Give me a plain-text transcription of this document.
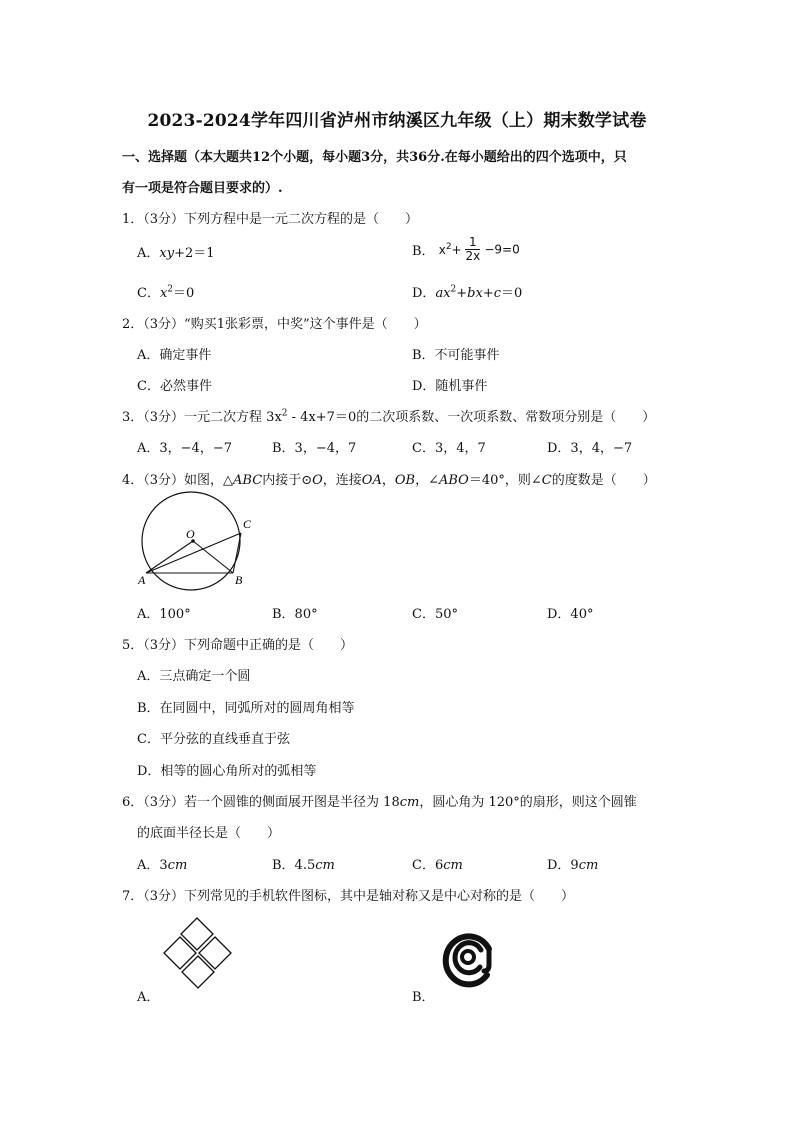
2023-2024学年四川省泸州市纳溪区九年级（上）期末数学试卷
一、选择题（本大题共12个小题，每小题3分，共36分.在每小题给出的四个选项中，只
有一项是符合题目要求的）.
1．（3分）下列方程中是一元二次方程的是（　　）
A．xy+2＝1	B． $x^2+ \frac{1}{2x} -9=0$
C．$x^2=0$	D．$ax^2+bx+c=0$
2．（3分）“购买1张彩票，中奖”这个事件是（　　）
A．确定事件	B．不可能事件
C．必然事件	D．随机事件
3．（3分）一元二次方程 $3x^2 - 4x+7=0$的二次项系数、一次项系数、常数项分别是（　　）
A．3，−4，−7	B．3，−4，7	C．3，4，7	D．3，4，−7
4．（3分）如图，△ABC内接于⊙O，连接OA，OB，∠ABO＝40°，则∠C的度数是（　　）
O
A	B
C
A．100°	B．80°	C．50°	D．40°
5．（3分）下列命题中正确的是（　　）
A．三点确定一个圆
B．在同圆中，同弧所对的圆周角相等
C．平分弦的直线垂直于弦
D．相等的圆心角所对的弧相等
6．（3分）若一个圆锥的侧面展开图是半径为 18cm，圆心角为 120°的扇形，则这个圆锥
的底面半径长是（　　）
A．3cm	B．4.5cm	C．6cm	D．9cm
7．（3分）下列常见的手机软件图标，其中是轴对称又是中心对称的是（　　）
A．	B．
